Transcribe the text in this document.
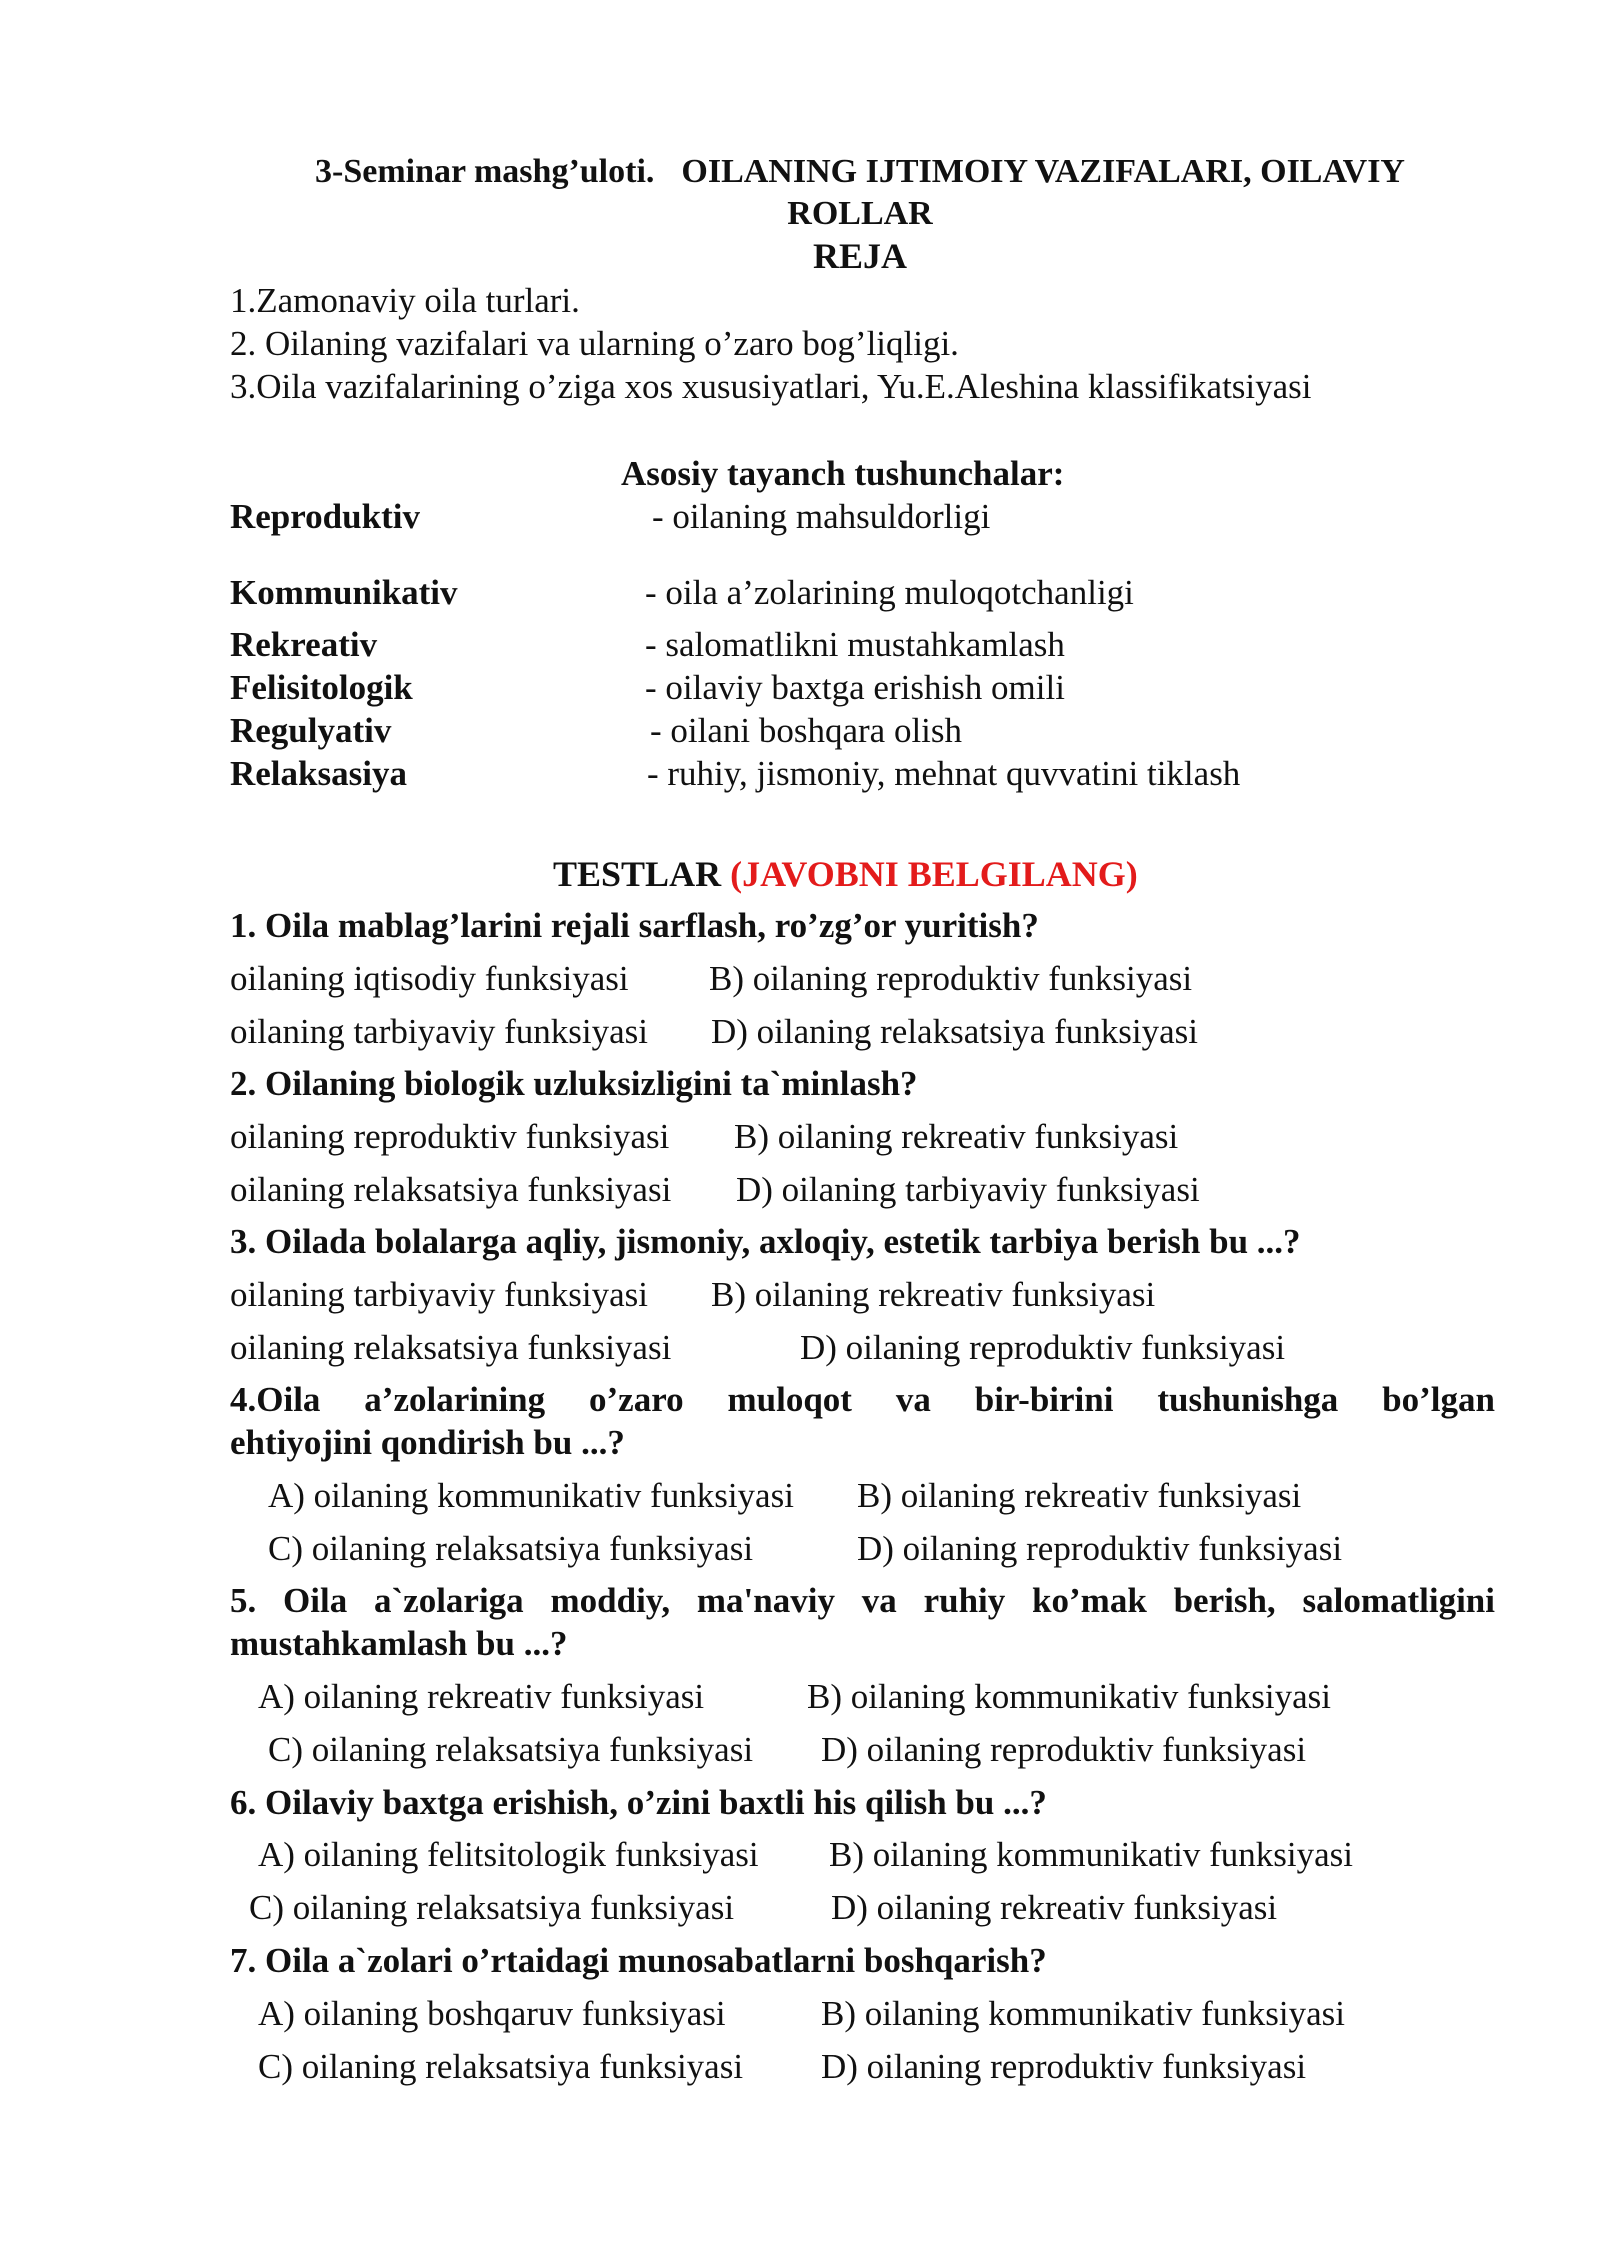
3-Seminar mashg’uloti. OILANING IJTIMOIY VAZIFALARI, OILAVIY
ROLLAR
REJA
1.Zamonaviy oila turlari.
2. Oilaning vazifalari va ularning o’zaro bog’liqligi.
3.Oila vazifalarining o’ziga xos xususiyatlari, Yu.E.Aleshina klassifikatsiyasi
Asosiy tayanch tushunchalar:
Reproduktiv	- oilaning mahsuldorligi
Kommunikativ	- oila a’zolarining muloqotchanligi
Rekreativ	- salomatlikni mustahkamlash
Felisitologik	- oilaviy baxtga erishish omili
Regulyativ	- oilani boshqara olish
Relaksasiya	- ruhiy, jismoniy, mehnat quvvatini tiklash
TESTLAR (JAVOBNI BELGILANG)
1. Oila mablag’larini rejali sarflash, ro’zg’or yuritish?
oilaning iqtisodiy funksiyasi B) oilaning reproduktiv funksiyasi
oilaning tarbiyaviy funksiyasi D) oilaning relaksatsiya funksiyasi
2. Oilaning biologik uzluksizligini ta`minlash?
oilaning reproduktiv funksiyasi B) oilaning rekreativ funksiyasi
oilaning relaksatsiya funksiyasi D) oilaning tarbiyaviy funksiyasi
3. Oilada bolalarga aqliy, jismoniy, axloqiy, estetik tarbiya berish bu ...?
oilaning tarbiyaviy funksiyasi B) oilaning rekreativ funksiyasi
oilaning relaksatsiya funksiyasi	D) oilaning reproduktiv funksiyasi
4.Oila a’zolarining o’zaro muloqot va bir-birini tushunishga bo’lgan
ehtiyojini qondirish bu ...?
A) oilaning kommunikativ funksiyasi B) oilaning rekreativ funksiyasi
C) oilaning relaksatsiya funksiyasi	D) oilaning reproduktiv funksiyasi
5. Oila a`zolariga moddiy, ma'naviy va ruhiy ko’mak berish, salomatligini
mustahkamlash bu ...?
A) oilaning rekreativ funksiyasi	B) oilaning kommunikativ funksiyasi
C) oilaning relaksatsiya funksiyasi D) oilaning reproduktiv funksiyasi
6. Oilaviy baxtga erishish, o’zini baxtli his qilish bu ...?
A) oilaning felitsitologik funksiyasi B) oilaning kommunikativ funksiyasi
C) oilaning relaksatsiya funksiyasi	D) oilaning rekreativ funksiyasi
7. Oila a`zolari o’rtaidagi munosabatlarni boshqarish?
A) oilaning boshqaruv funksiyasi	B) oilaning kommunikativ funksiyasi
C) oilaning relaksatsiya funksiyasi D) oilaning reproduktiv funksiyasi
